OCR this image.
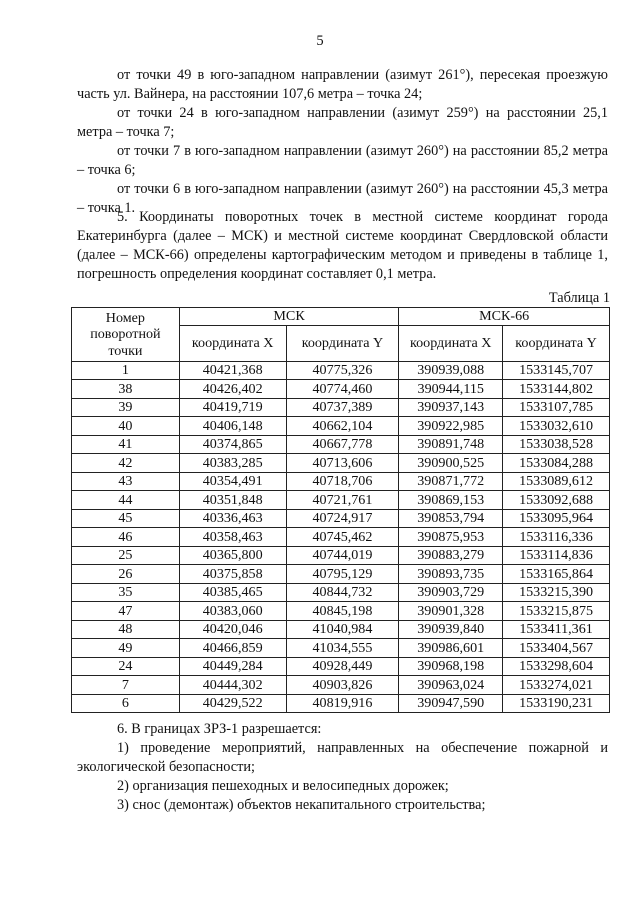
5

от точки 49 в юго-западном направлении (азимут 261°), пересекая проезжую часть ул. Вайнера, на расстоянии 107,6 метра – точка 24;

от точки 24 в юго-западном направлении (азимут 259°) на расстоянии 25,1 метра – точка 7;

от точки 7 в юго-западном направлении (азимут 260°) на расстоянии 85,2 метра – точка 6;

от точки 6 в юго-западном направлении (азимут 260°) на расстоянии 45,3 метра – точка 1.

5. Координаты поворотных точек в местной системе координат города Екатеринбурга (далее – МСК) и местной системе координат Свердловской области (далее – МСК-66) определены картографическим методом и приведены в таблице 1, погрешность определения координат составляет 0,1 метра.

Таблица 1
Номер
поворотной
точки	МСК		МСК-66	
	координата X	координата Y	координата X	координата Y
1	40421,368	40775,326	390939,088	1533145,707
38	40426,402	40774,460	390944,115	1533144,802
39	40419,719	40737,389	390937,143	1533107,785
40	40406,148	40662,104	390922,985	1533032,610
41	40374,865	40667,778	390891,748	1533038,528
42	40383,285	40713,606	390900,525	1533084,288
43	40354,491	40718,706	390871,772	1533089,612
44	40351,848	40721,761	390869,153	1533092,688
45	40336,463	40724,917	390853,794	1533095,964
46	40358,463	40745,462	390875,953	1533116,336
25	40365,800	40744,019	390883,279	1533114,836
26	40375,858	40795,129	390893,735	1533165,864
35	40385,465	40844,732	390903,729	1533215,390
47	40383,060	40845,198	390901,328	1533215,875
48	40420,046	41040,984	390939,840	1533411,361
49	40466,859	41034,555	390986,601	1533404,567
24	40449,284	40928,449	390968,198	1533298,604
7	40444,302	40903,826	390963,024	1533274,021
6	40429,522	40819,916	390947,590	1533190,231

6. В границах ЗРЗ-1 разрешается:

1) проведение мероприятий, направленных на обеспечение пожарной и экологической безопасности;

2) организация пешеходных и велосипедных дорожек;

3) снос (демонтаж) объектов некапитального строительства;
